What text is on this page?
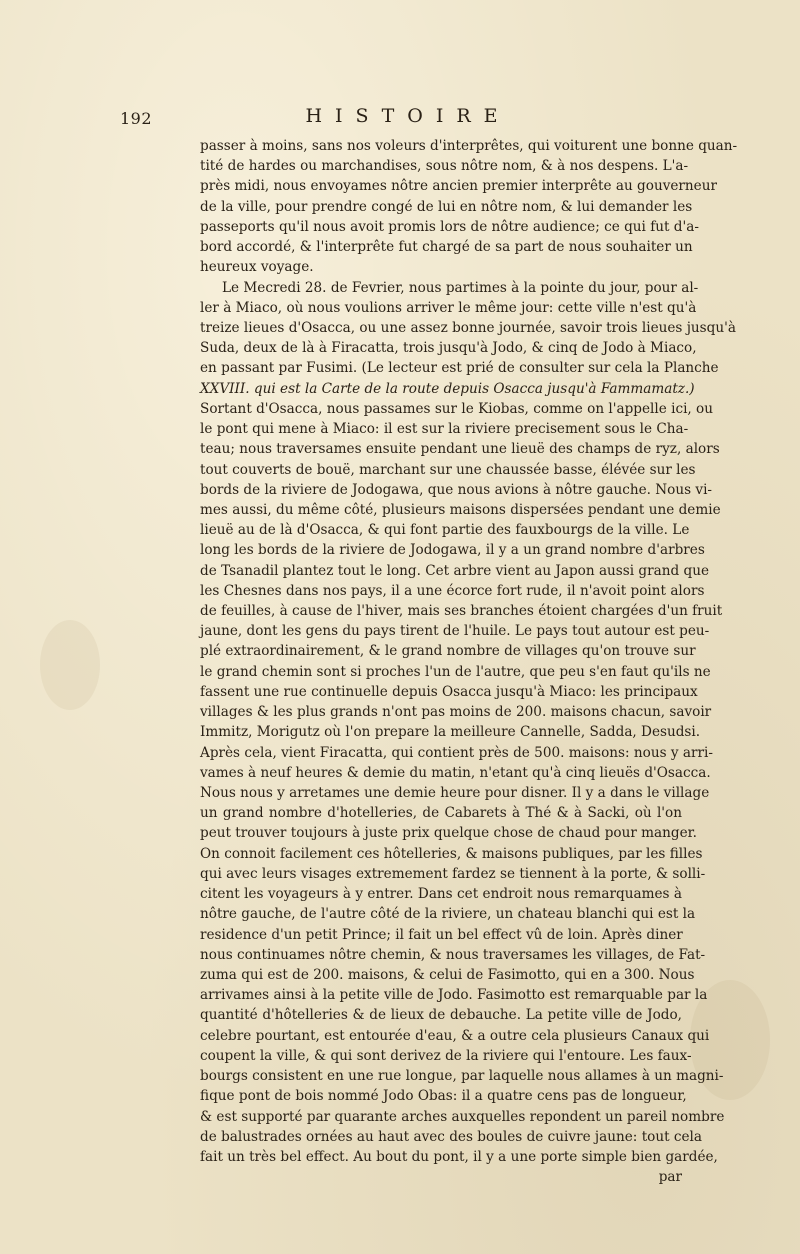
192	HISTOIRE
passer à moins, sans nos voleurs d'interprêtes, qui voiturent une bonne quan-
tité de hardes ou marchandises, sous nôtre nom, & à nos despens. L'a-
près midi, nous envoyames nôtre ancien premier interprête au gouverneur
de la ville, pour prendre congé de lui en nôtre nom, & lui demander les
passeports qu'il nous avoit promis lors de nôtre audience; ce qui fut d'a-
bord accordé, & l'interprête fut chargé de sa part de nous souhaiter un
heureux voyage.
Le Mecredi 28. de Fevrier, nous partimes à la pointe du jour, pour al-
ler à Miaco, où nous voulions arriver le même jour: cette ville n'est qu'à
treize lieues d'Osacca, ou une assez bonne journée, savoir trois lieues jusqu'à
Suda, deux de là à Firacatta, trois jusqu'à Jodo, & cinq de Jodo à Miaco,
en passant par Fusimi. (Le lecteur est prié de consulter sur cela la Planche
XXVIII. qui est la Carte de la route depuis Osacca jusqu'à Fammamatz.)
Sortant d'Osacca, nous passames sur le Kiobas, comme on l'appelle ici, ou
le pont qui mene à Miaco: il est sur la riviere precisement sous le Cha-
teau; nous traversames ensuite pendant une lieuë des champs de ryz, alors
tout couverts de bouë, marchant sur une chaussée basse, élévée sur les
bords de la riviere de Jodogawa, que nous avions à nôtre gauche. Nous vi-
mes aussi, du même côté, plusieurs maisons dispersées pendant une demie
lieuë au de là d'Osacca, & qui font partie des fauxbourgs de la ville. Le
long les bords de la riviere de Jodogawa, il y a un grand nombre d'arbres
de Tsanadil plantez tout le long. Cet arbre vient au Japon aussi grand que
les Chesnes dans nos pays, il a une écorce fort rude, il n'avoit point alors
de feuilles, à cause de l'hiver, mais ses branches étoient chargées d'un fruit
jaune, dont les gens du pays tirent de l'huile. Le pays tout autour est peu-
plé extraordinairement, & le grand nombre de villages qu'on trouve sur
le grand chemin sont si proches l'un de l'autre, que peu s'en faut qu'ils ne
fassent une rue continuelle depuis Osacca jusqu'à Miaco: les principaux
villages & les plus grands n'ont pas moins de 200. maisons chacun, savoir
Immitz, Morigutz où l'on prepare la meilleure Cannelle, Sadda, Desudsi.
Après cela, vient Firacatta, qui contient près de 500. maisons: nous y arri-
vames à neuf heures & demie du matin, n'etant qu'à cinq lieuës d'Osacca.
Nous nous y arretames une demie heure pour disner. Il y a dans le village
un grand nombre d'hotelleries, de Cabarets à Thé & à Sacki, où l'on
peut trouver toujours à juste prix quelque chose de chaud pour manger.
On connoit facilement ces hôtelleries, & maisons publiques, par les filles
qui avec leurs visages extremement fardez se tiennent à la porte, & solli-
citent les voyageurs à y entrer. Dans cet endroit nous remarquames à
nôtre gauche, de l'autre côté de la riviere, un chateau blanchi qui est la
residence d'un petit Prince; il fait un bel effect vû de loin. Après diner
nous continuames nôtre chemin, & nous traversames les villages, de Fat-
zuma qui est de 200. maisons, & celui de Fasimotto, qui en a 300. Nous
arrivames ainsi à la petite ville de Jodo. Fasimotto est remarquable par la
quantité d'hôtelleries & de lieux de debauche. La petite ville de Jodo,
celebre pourtant, est entourée d'eau, & a outre cela plusieurs Canaux qui
coupent la ville, & qui sont derivez de la riviere qui l'entoure. Les faux-
bourgs consistent en une rue longue, par laquelle nous allames à un magni-
fique pont de bois nommé Jodo Obas: il a quatre cens pas de longueur,
& est supporté par quarante arches auxquelles repondent un pareil nombre
de balustrades ornées au haut avec des boules de cuivre jaune: tout cela
fait un très bel effect. Au bout du pont, il y a une porte simple bien gardée,
par
